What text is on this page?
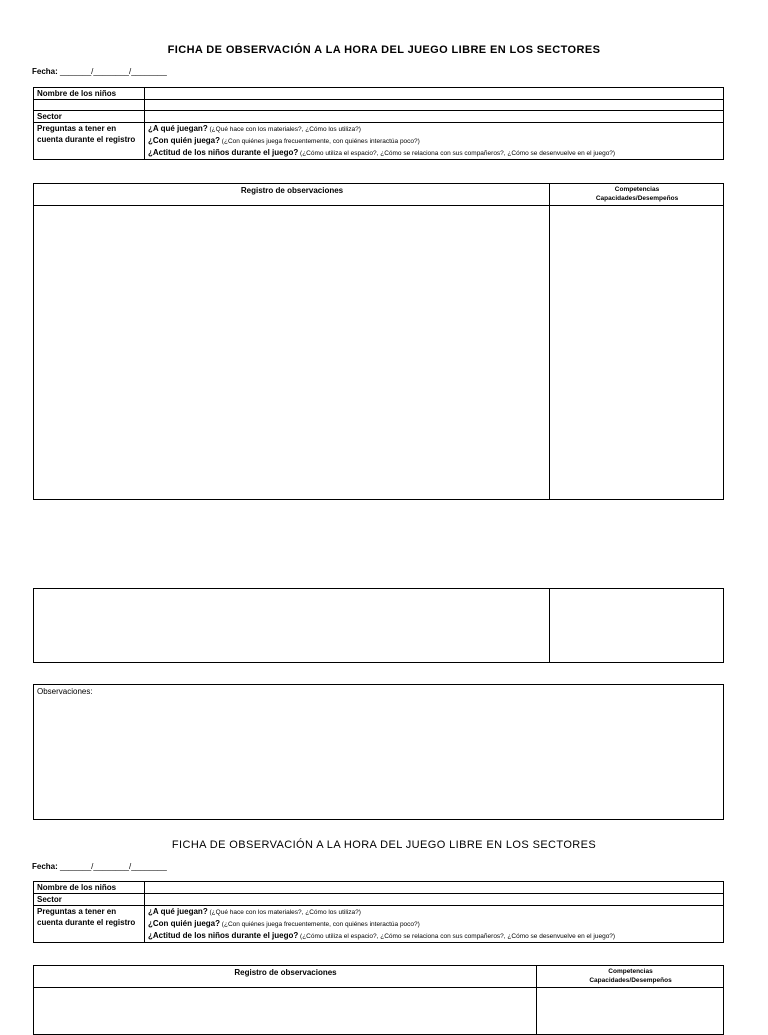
FICHA DE OBSERVACIÓN A LA HORA DEL JUEGO LIBRE EN LOS SECTORES
Fecha: _______/________/________
Nombre de los niños	

Sector	
Preguntas a tener en cuenta durante el registro	¿A qué juegan? (¿Qué hace con los materiales?, ¿Cómo los utiliza?)
¿Con quién juega? (¿Con quiénes juega frecuentemente, con quiénes interactúa poco?)
¿Actitud de los niños durante el juego? (¿Cómo utiliza el espacio?, ¿Cómo se relaciona con sus compañeros?, ¿Cómo se desenvuelve en el juego?)
Registro de observaciones	Competencias
Capacidades/Desempeños
Observaciones:
FICHA DE OBSERVACIÓN A LA HORA DEL JUEGO LIBRE EN LOS SECTORES
Fecha: _______/________/________
Nombre de los niños	
Sector	
Preguntas a tener en cuenta durante el registro	¿A qué juegan? (¿Qué hace con los materiales?, ¿Cómo los utiliza?)
¿Con quién juega? (¿Con quiénes juega frecuentemente, con quiénes interactúa poco?)
¿Actitud de los niños durante el juego? (¿Cómo utiliza el espacio?, ¿Cómo se relaciona con sus compañeros?, ¿Cómo se desenvuelve en el juego?)
Registro de observaciones	Competencias
Capacidades/Desempeños
